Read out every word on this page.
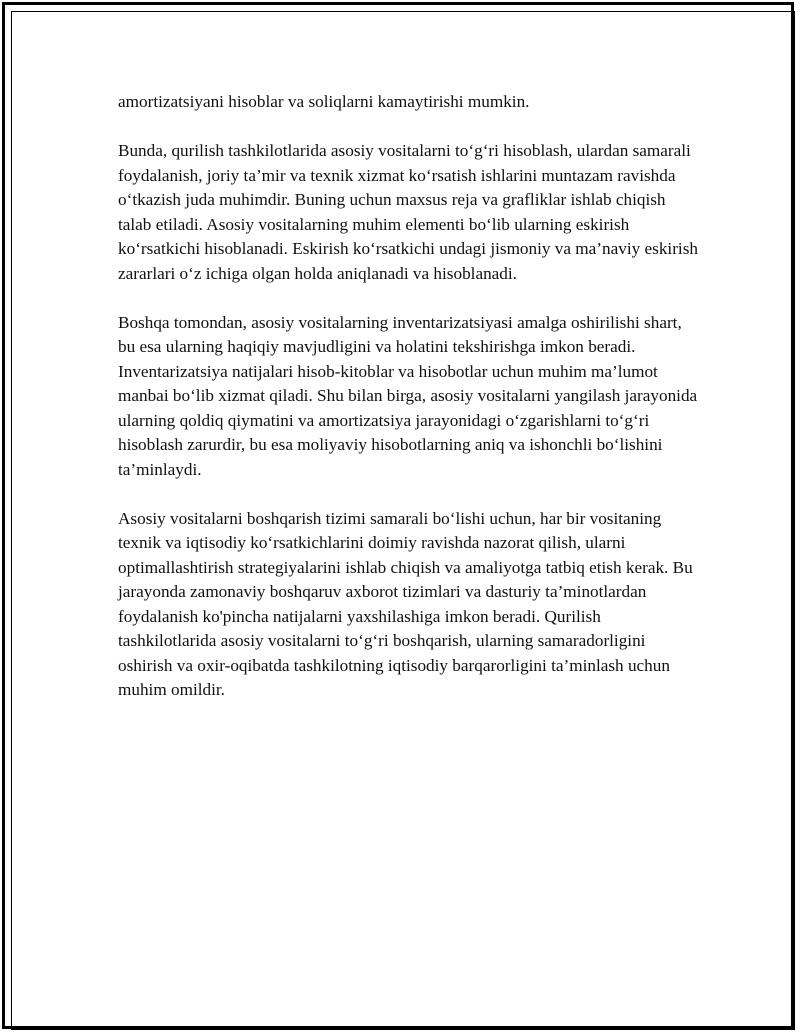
amortizatsiyani hisoblar va soliqlarni kamaytirishi mumkin.

Bunda, qurilish tashkilotlarida asosiy vositalarni to‘g‘ri hisoblash, ulardan samarali foydalanish, joriy ta’mir va texnik xizmat ko‘rsatish ishlarini muntazam ravishda o‘tkazish juda muhimdir. Buning uchun maxsus reja va grafliklar ishlab chiqish talab etiladi. Asosiy vositalarning muhim elementi bo‘lib ularning eskirish ko‘rsatkichi hisoblanadi. Eskirish ko‘rsatkichi undagi jismoniy va ma’naviy eskirish zararlari o‘z ichiga olgan holda aniqlanadi va hisoblanadi.

Boshqa tomondan, asosiy vositalarning inventarizatsiyasi amalga oshirilishi shart, bu esa ularning haqiqiy mavjudligini va holatini tekshirishga imkon beradi. Inventarizatsiya natijalari hisob-kitoblar va hisobotlar uchun muhim ma’lumot manbai bo‘lib xizmat qiladi. Shu bilan birga, asosiy vositalarni yangilash jarayonida ularning qoldiq qiymatini va amortizatsiya jarayonidagi o‘zgarishlarni to‘g‘ri hisoblash zarurdir, bu esa moliyaviy hisobotlarning aniq va ishonchli bo‘lishini ta’minlaydi.

Asosiy vositalarni boshqarish tizimi samarali bo‘lishi uchun, har bir vositaning texnik va iqtisodiy ko‘rsatkichlarini doimiy ravishda nazorat qilish, ularni optimallashtirish strategiyalarini ishlab chiqish va amaliyotga tatbiq etish kerak. Bu jarayonda zamonaviy boshqaruv axborot tizimlari va dasturiy ta’minotlardan foydalanish ko'pincha natijalarni yaxshilashiga imkon beradi. Qurilish tashkilotlarida asosiy vositalarni to‘g‘ri boshqarish, ularning samaradorligini oshirish va oxir-oqibatda tashkilotning iqtisodiy barqarorligini ta’minlash uchun muhim omildir.
